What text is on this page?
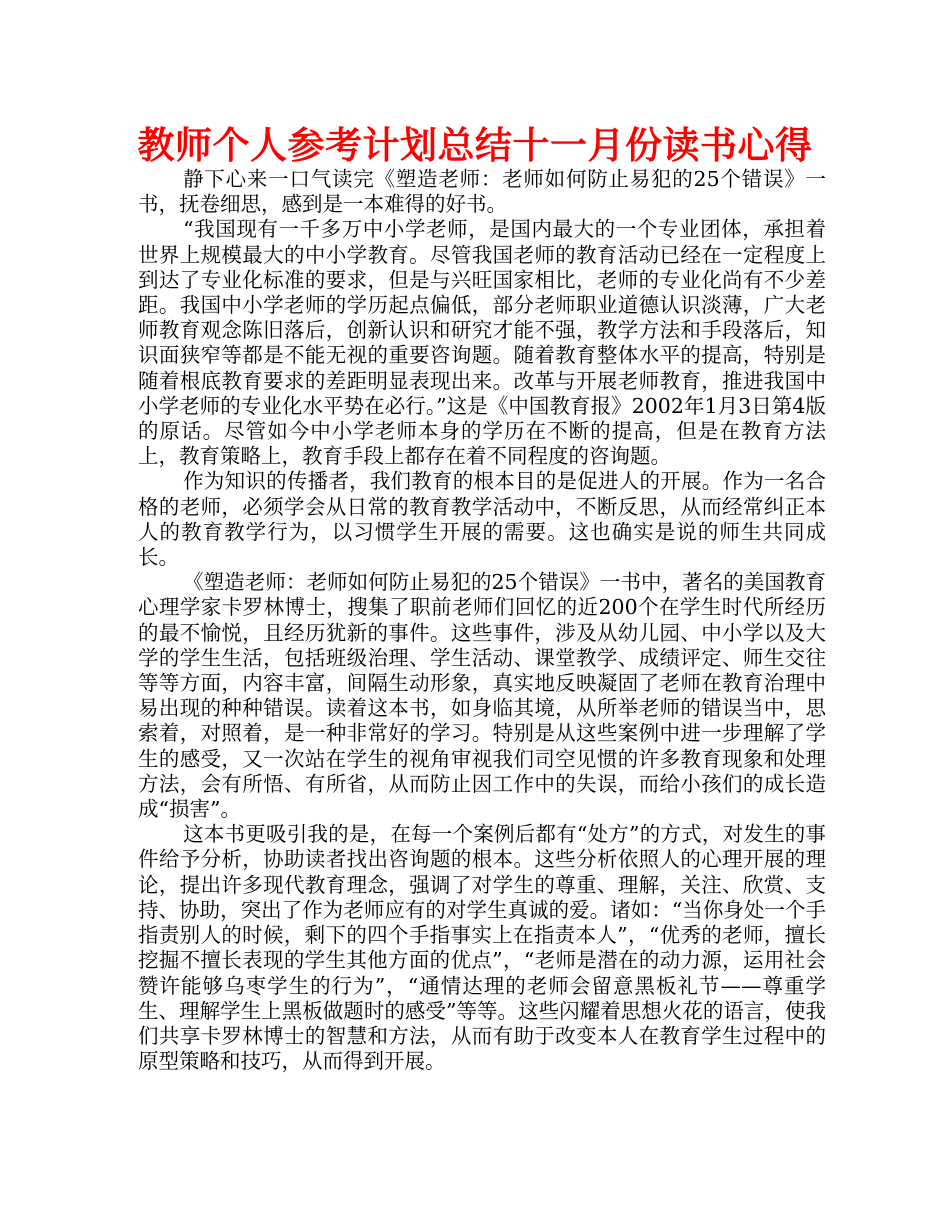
教师个人参考计划总结十一月份读书心得

静下心来一口气读完《塑造老师：老师如何防止易犯的25个错误》一书，抚卷细思，感到是一本难得的好书。

“我国现有一千多万中小学老师，是国内最大的一个专业团体，承担着世界上规模最大的中小学教育。尽管我国老师的教育活动已经在一定程度上到达了专业化标准的要求，但是与兴旺国家相比，老师的专业化尚有不少差距。我国中小学老师的学历起点偏低，部分老师职业道德认识淡薄，广大老师教育观念陈旧落后，创新认识和研究才能不强，教学方法和手段落后，知识面狭窄等都是不能无视的重要咨询题。随着教育整体水平的提高，特别是随着根底教育要求的差距明显表现出来。改革与开展老师教育，推进我国中小学老师的专业化水平势在必行。”这是《中国教育报》2002年1月3日第4版的原话。尽管如今中小学老师本身的学历在不断的提高，但是在教育方法上，教育策略上，教育手段上都存在着不同程度的咨询题。

作为知识的传播者，我们教育的根本目的是促进人的开展。作为一名合格的老师，必须学会从日常的教育教学活动中，不断反思，从而经常纠正本人的教育教学行为，以习惯学生开展的需要。这也确实是说的师生共同成长。

《塑造老师：老师如何防止易犯的25个错误》一书中，著名的美国教育心理学家卡罗林博士，搜集了职前老师们回忆的近200个在学生时代所经历的最不愉悦，且经历犹新的事件。这些事件，涉及从幼儿园、中小学以及大学的学生生活，包括班级治理、学生活动、课堂教学、成绩评定、师生交往等等方面，内容丰富，间隔生动形象，真实地反映凝固了老师在教育治理中易出现的种种错误。读着这本书，如身临其境，从所举老师的错误当中，思索着，对照着，是一种非常好的学习。特别是从这些案例中进一步理解了学生的感受，又一次站在学生的视角审视我们司空见惯的许多教育现象和处理方法，会有所悟、有所省，从而防止因工作中的失误，而给小孩们的成长造成“损害”。

这本书更吸引我的是，在每一个案例后都有“处方”的方式，对发生的事件给予分析，协助读者找出咨询题的根本。这些分析依照人的心理开展的理论，提出许多现代教育理念，强调了对学生的尊重、理解，关注、欣赏、支持、协助，突出了作为老师应有的对学生真诚的爱。诸如：“当你身处一个手指责别人的时候，剩下的四个手指事实上在指责本人”，“优秀的老师，擅长挖掘不擅长表现的学生其他方面的优点”，“老师是潜在的动力源，运用社会赞许能够乌枣学生的行为”，“通情达理的老师会留意黑板礼节——尊重学生、理解学生上黑板做题时的感受”等等。这些闪耀着思想火花的语言，使我们共享卡罗林博士的智慧和方法，从而有助于改变本人在教育学生过程中的原型策略和技巧，从而得到开展。
